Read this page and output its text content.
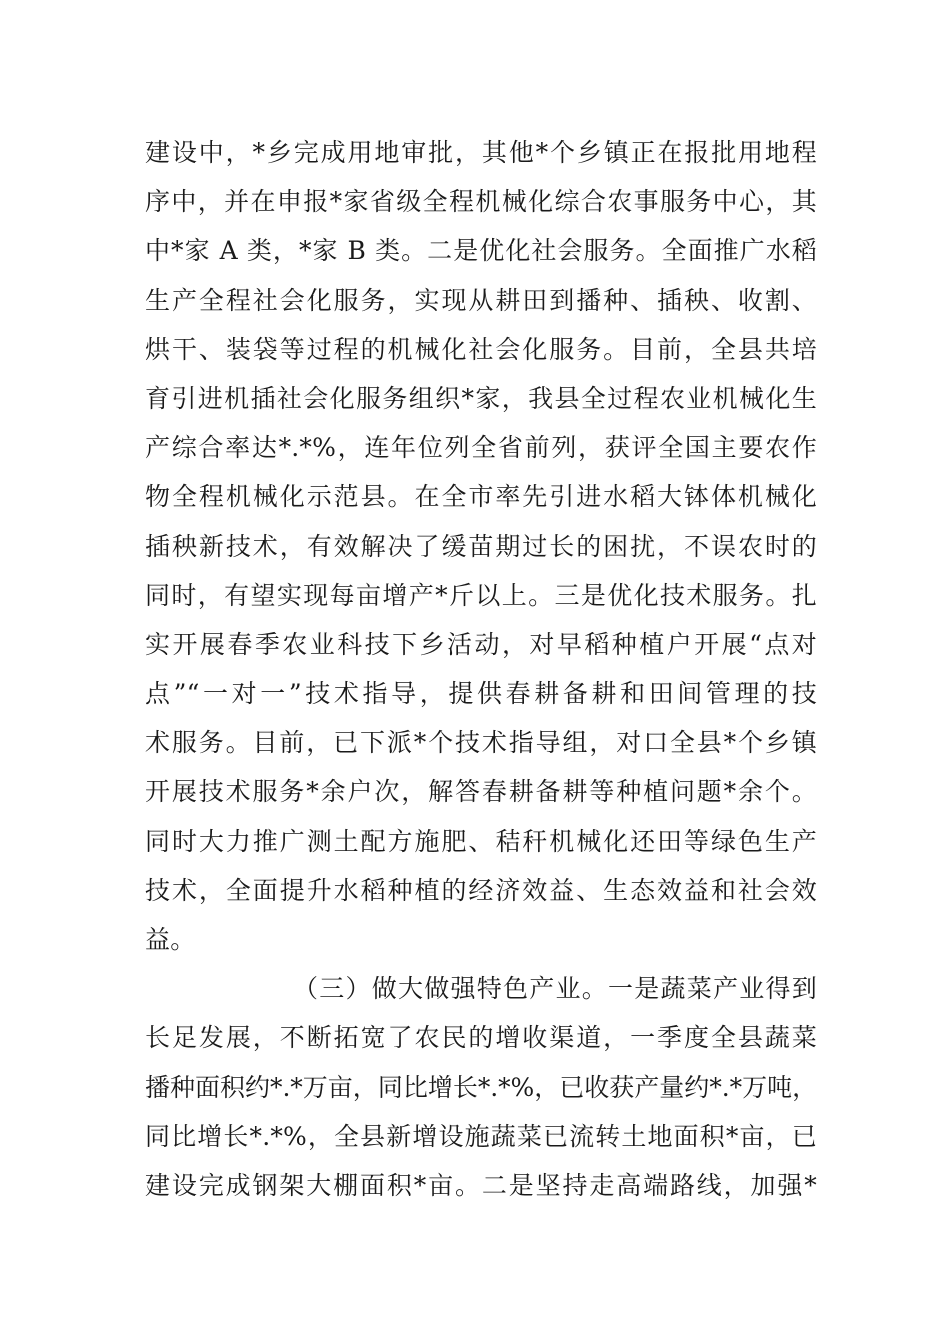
建设中，*乡完成用地审批，其他*个乡镇正在报批用地程
序中，并在申报*家省级全程机械化综合农事服务中心，其
中*家 A 类，*家 B 类。二是优化社会服务。全面推广水稻
生产全程社会化服务，实现从耕田到播种、插秧、收割、
烘干、装袋等过程的机械化社会化服务。目前，全县共培
育引进机插社会化服务组织*家，我县全过程农业机械化生
产综合率达*.*%，连年位列全省前列，获评全国主要农作
物全程机械化示范县。在全市率先引进水稻大钵体机械化
插秧新技术，有效解决了缓苗期过长的困扰，不误农时的
同时，有望实现每亩增产*斤以上。三是优化技术服务。扎
实开展春季农业科技下乡活动，对早稻种植户开展“点对
点”“一对一”技术指导，提供春耕备耕和田间管理的技
术服务。目前，已下派*个技术指导组，对口全县*个乡镇
开展技术服务*余户次，解答春耕备耕等种植问题*余个。
同时大力推广测土配方施肥、秸秆机械化还田等绿色生产
技术，全面提升水稻种植的经济效益、生态效益和社会效
益。
（三）做大做强特色产业。一是蔬菜产业得到
长足发展，不断拓宽了农民的增收渠道，一季度全县蔬菜
播种面积约*.*万亩，同比增长*.*%，已收获产量约*.*万吨，
同比增长*.*%，全县新增设施蔬菜已流转土地面积*亩，已
建设完成钢架大棚面积*亩。二是坚持走高端路线，加强*
